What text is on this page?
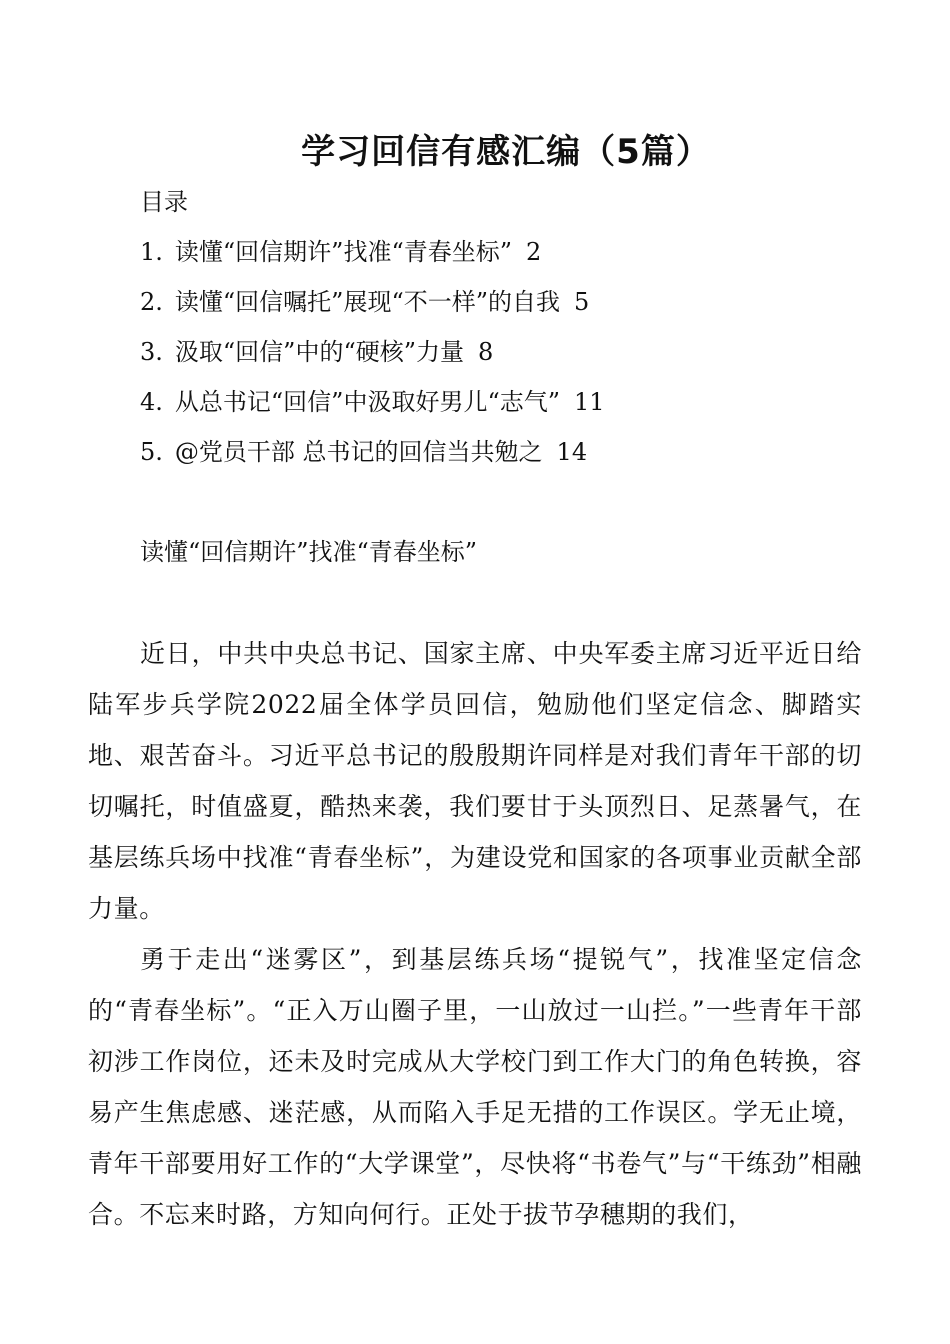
学习回信有感汇编（5篇）
目录
1. 读懂“回信期许”找准“青春坐标” 2
2. 读懂“回信嘱托”展现“不一样”的自我 5
3. 汲取“回信”中的“硬核”力量 8
4. 从总书记“回信”中汲取好男儿“志气” 11
5. @党员干部 总书记的回信当共勉之 14
读懂“回信期许”找准“青春坐标”

近日，中共中央总书记、国家主席、中央军委主席习近平近日给陆军步兵学院2022届全体学员回信，勉励他们坚定信念、脚踏实地、艰苦奋斗。习近平总书记的殷殷期许同样是对我们青年干部的切切嘱托，时值盛夏，酷热来袭，我们要甘于头顶烈日、足蒸暑气，在基层练兵场中找准“青春坐标”，为建设党和国家的各项事业贡献全部力量。

勇于走出“迷雾区”，到基层练兵场“提锐气”，找准坚定信念的“青春坐标”。“正入万山圈子里，一山放过一山拦。”一些青年干部初涉工作岗位，还未及时完成从大学校门到工作大门的角色转换，容易产生焦虑感、迷茫感，从而陷入手足无措的工作误区。学无止境，青年干部要用好工作的“大学课堂”，尽快将“书卷气”与“干练劲”相融合。不忘来时路，方知向何行。正处于拔节孕穗期的我们，
